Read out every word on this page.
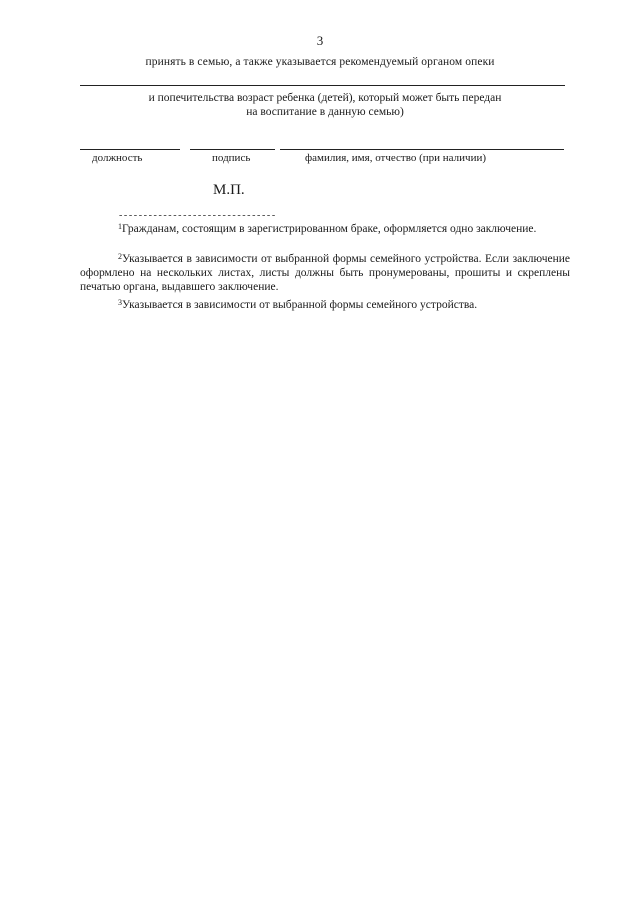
3
принять в семью, а также указывается рекомендуемый органом опеки
и попечительства возраст ребенка (детей), который может быть передан
на воспитание в данную семью)
должность	подпись	фамилия, имя, отчество (при наличии)
М.П.
--------------------------------
$^1$Гражданам, состоящим в зарегистрированном браке, оформляется одно заключение.
$^2$Указывается в зависимости от выбранной формы семейного устройства. Если заключение оформлено на нескольких листах, листы должны быть пронумерованы, прошиты и скреплены печатью органа, выдавшего заключение.
$^3$Указывается в зависимости от выбранной формы семейного устройства.
